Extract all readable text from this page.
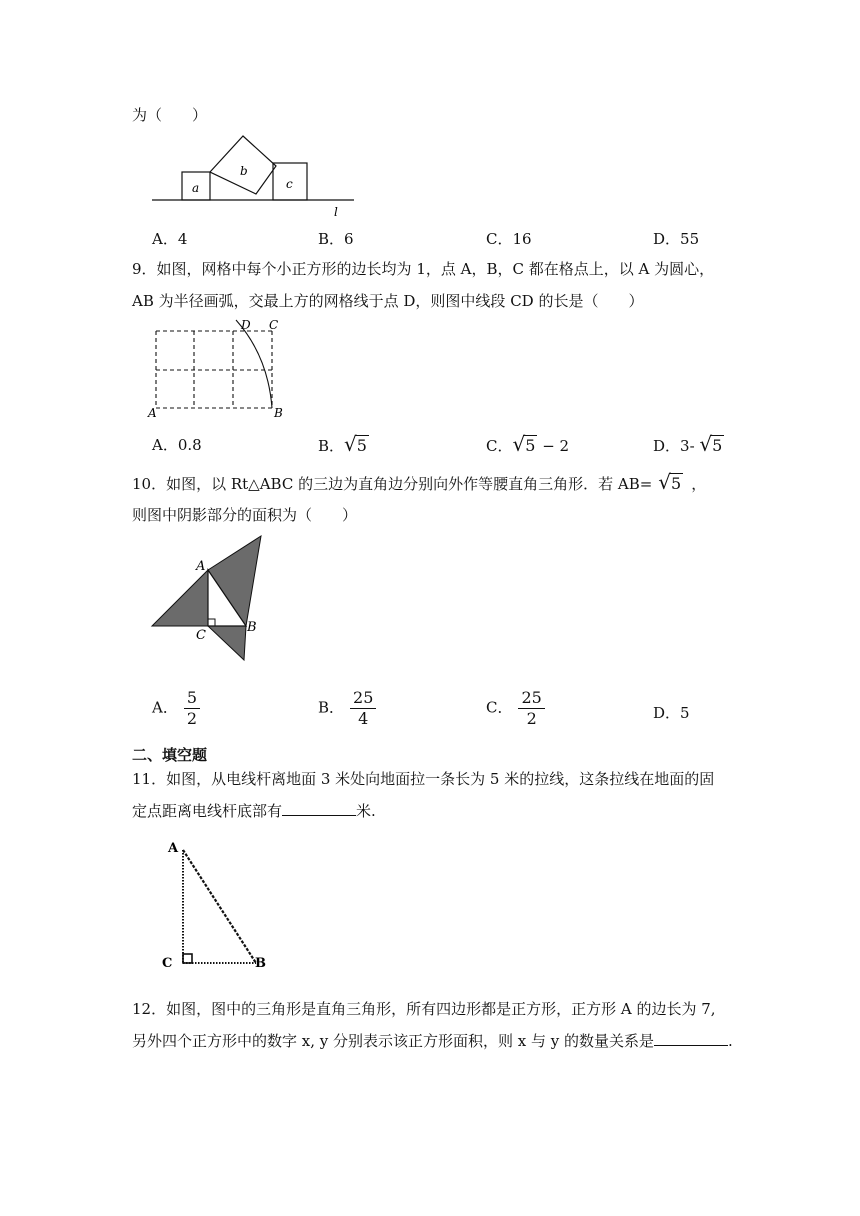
为（　　）
a
b
c
l
A．4	B．6	C．16	D．55
9．如图，网格中每个小正方形的边长均为 1，点 A，B，C 都在格点上，以 A 为圆心，
AB 为半径画弧，交最上方的网格线于点 D，则图中线段 CD 的长是（　　）
D C
A	B
A．0.8	B．√5	C．√5 − 2	D．3- √5
10．如图，以 Rt△ABC 的三边为直角边分别向外作等腰直角三角形．若 AB= √5 ，
则图中阴影部分的面积为（　　）
A
C
B
A． $\frac{5}{2}$	B． $\frac{25}{4}$	C． $\frac{25}{2}$	D．5
二、填空题
11．如图，从电线杆离地面 3 米处向地面拉一条长为 5 米的拉线，这条拉线在地面的固
定点距离电线杆底部有	米.
A
C	B
12．如图，图中的三角形是直角三角形，所有四边形都是正方形，正方形 A 的边长为 7,
另外四个正方形中的数字 x, y 分别表示该正方形面积，则 x 与 y 的数量关系是	.
